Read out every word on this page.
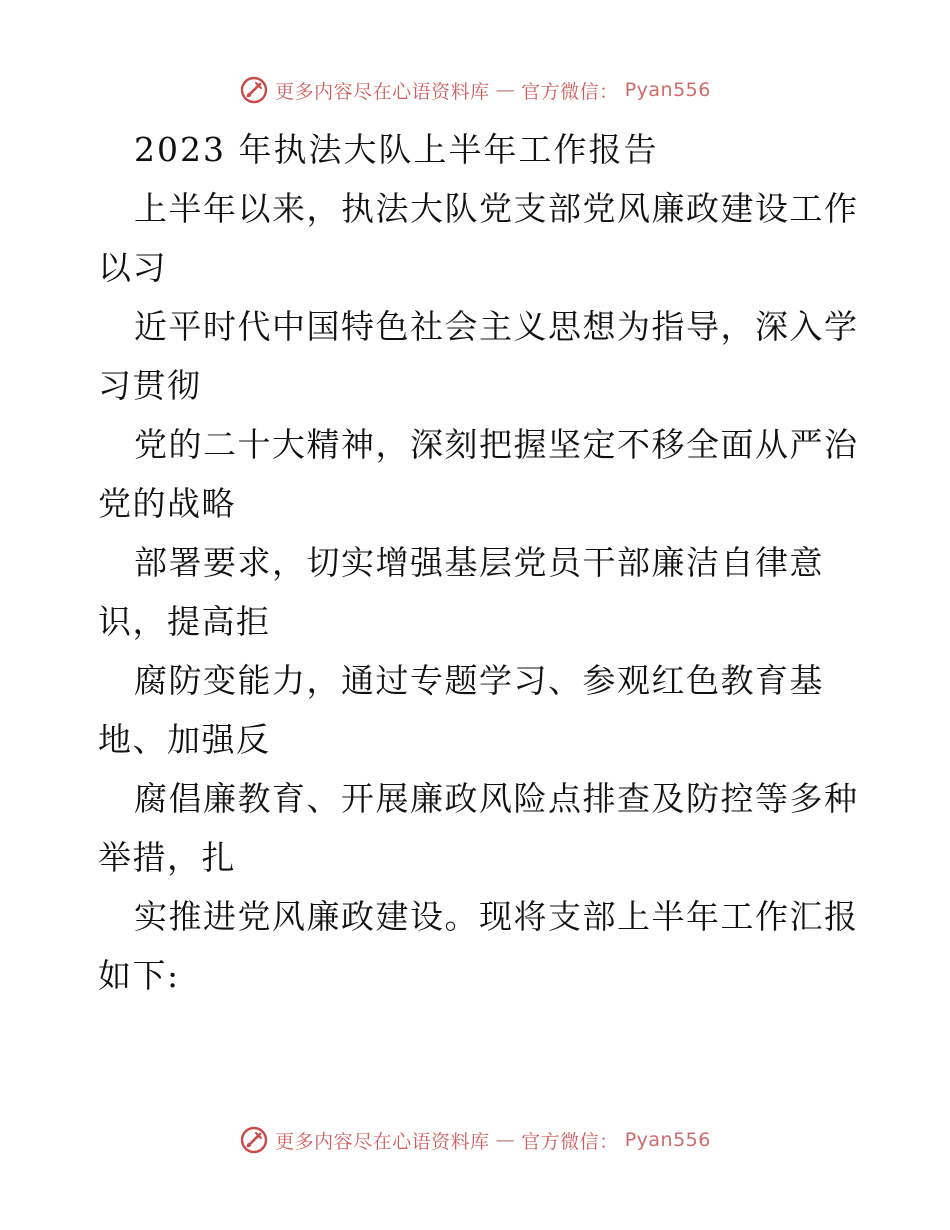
更多内容尽在心语资料库 — 官方微信： Pyan556
2023 年执法大队上半年工作报告
上半年以来，执法大队党支部党风廉政建设工作
以习
近平时代中国特色社会主义思想为指导，深入学
习贯彻
党的二十大精神，深刻把握坚定不移全面从严治
党的战略
部署要求，切实增强基层党员干部廉洁自律意
识，提高拒
腐防变能力，通过专题学习、参观红色教育基
地、加强反
腐倡廉教育、开展廉政风险点排查及防控等多种
举措，扎
实推进党风廉政建设。现将支部上半年工作汇报
如下:
更多内容尽在心语资料库 — 官方微信： Pyan556
